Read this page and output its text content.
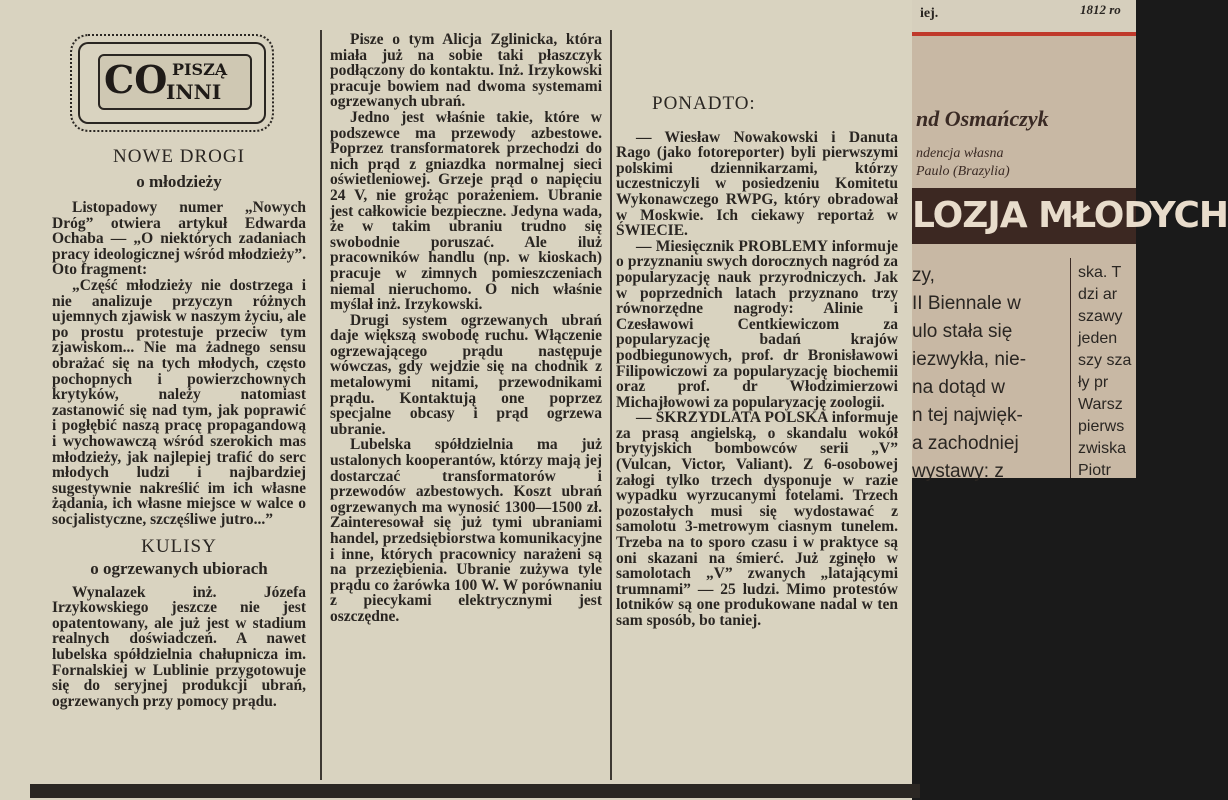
CO PISZĄ
INNI
NOWE DROGI
o młodzieży

Listopadowy numer „Nowych Dróg” otwiera artykuł Edwarda Ochaba — „O niektórych zadaniach pracy ideologicznej wśród młodzieży”. Oto fragment:

„Część młodzieży nie dostrzega i nie analizuje przyczyn różnych ujemnych zjawisk w naszym życiu, ale po prostu protestuje przeciw tym zjawiskom... Nie ma żadnego sensu obrażać się na tych młodych, często pochopnych i powierzchownych krytyków, należy natomiast zastanowić się nad tym, jak poprawić i pogłębić naszą pracę propagandową i wychowawczą wśród szerokich mas młodzieży, jak najlepiej trafić do serc młodych ludzi i najbardziej sugestywnie nakreślić im ich własne żądania, ich własne miejsce w walce o socjalistyczne, szczęśliwe jutro...”

KULISY
o ogrzewanych ubiorach

Wynalazek inż. Józefa Irzykowskiego jeszcze nie jest opatentowany, ale już jest w stadium realnych doświadczeń. A nawet lubelska spółdzielnia chałupnicza im. Fornalskiej w Lublinie przygotowuje się do seryjnej produkcji ubrań, ogrzewanych przy pomocy prądu.

Pisze o tym Alicja Zglinicka, która miała już na sobie taki płaszczyk podłączony do kontaktu. Inż. Irzykowski pracuje bowiem nad dwoma systemami ogrzewanych ubrań.

Jedno jest właśnie takie, które w podszewce ma przewody azbestowe. Poprzez transformatorek przechodzi do nich prąd z gniazdka normalnej sieci oświetleniowej. Grzeje prąd o napięciu 24 V, nie grożąc porażeniem. Ubranie jest całkowicie bezpieczne. Jedyna wada, że w takim ubraniu trudno się swobodnie poruszać. Ale iluż pracowników handlu (np. w kioskach) pracuje w zimnych pomieszczeniach niemal nieruchomo. O nich właśnie myślał inż. Irzykowski.

Drugi system ogrzewanych ubrań daje większą swobodę ruchu. Włączenie ogrzewającego prądu następuje wówczas, gdy wejdzie się na chodnik z metalowymi nitami, przewodnikami prądu. Kontaktują one poprzez specjalne obcasy i prąd ogrzewa ubranie.

Lubelska spółdzielnia ma już ustalonych kooperantów, którzy mają jej dostarczać transformatorów i przewodów azbestowych. Koszt ubrań ogrzewanych ma wynosić 1300—1500 zł. Zainteresował się już tymi ubraniami handel, przedsiębiorstwa komunikacyjne i inne, których pracownicy narażeni są na przeziębienia. Ubranie zużywa tyle prądu co żarówka 100 W. W porównaniu z piecykami elektrycznymi jest oszczędne.

PONADTO:

— Wiesław Nowakowski i Danuta Rago (jako fotoreporter) byli pierwszymi polskimi dziennikarzami, którzy uczestniczyli w posiedzeniu Komitetu Wykonawczego RWPG, który obradował w Moskwie. Ich ciekawy reportaż w ŚWIECIE.

— Miesięcznik PROBLEMY informuje o przyznaniu swych dorocznych nagród za popularyzację nauk przyrodniczych. Jak w poprzednich latach przyznano trzy równorzędne nagrody: Alinie i Czesławowi Centkiewiczom za popularyzację badań krajów podbiegunowych, prof. dr Bronisławowi Filipowiczowi za popularyzację biochemii oraz prof. dr Włodzimierzowi Michajłowowi za popularyzację zoologii.

— SKRZYDLATA POLSKA informuje za prasą angielską, o skandalu wokół brytyjskich bombowców serii „V” (Vulcan, Victor, Valiant). Z 6-osobowej załogi tylko trzech dysponuje w razie wypadku wyrzucanymi fotelami. Trzech pozostałych musi się wydostawać z samolotu 3-metrowym ciasnym tunelem. Trzeba na to sporo czasu i w praktyce są oni skazani na śmierć. Już zginęło w samolotach „V” zwanych „latającymi trumnami” — 25 ludzi. Mimo protestów lotników są one produkowane nadal w ten sam sposób, bo taniej.

iej.	1812 ro
nd Osmańczyk
ndencja własna
Paulo (Brazylia)
LOZJA MŁODYCH
zy,
II Biennale w
ulo stała się
iezwykła, nie-
na dotąd w
n tej najwięk-
a zachodniej
wystawy: z
ska. T
dzi ar
szawy
jeden
szy sza
ły pr
Warsz
pierws
zwiska
Piotr
